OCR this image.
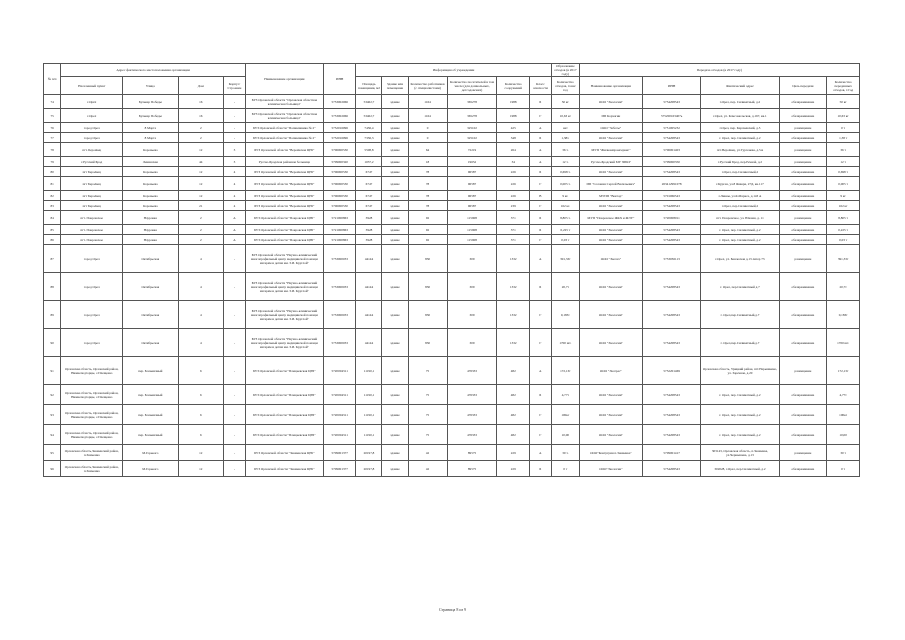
№ п/п	Адрес фактического местоположения организации				Наименование организации	ИНН	Информация об учреждении						Образование отходов (в 2017 году)	Передача отходов (в 2017 году)				
	Населенный пункт	Улица	Дом	Корпус/Строение			Площадь помещения, м2	Здание или помещение	Количество работников (с специалистами)	Количество посетителей в том числе (для дошкольных, детсадовских)	Количество сооружений	Класс опасности	Количество отходов, тонн/год	Наименование организации	ИНН	Фактический адрес	Цель передачи	Количество переданных отходов, т/год
74	г.Орёл	Бульвар Победы	16	-	БУЗ Орловской области "Орловская областная клиническая больница"	5753002066	53462,7	здание	1164	365278	1988	Б	50 кг	ООО "Экологии"	5754208543	г.Орел, пер. Силикатный, д.2	обезвреживание	50 кг
75	г.Орел	Бульвар Победы	16	-	БУЗ Орловской области "Орловская областная клиническая больница"	5753002066	53462,7	здание	1164	365278	1988	Г	10,63 кг	ИП Корчагин	575200163407ь	г.Орел, ул. Комсомольская, д.167, кв.1	обезвреживание	10,63 кг
76	город Орел	8 Марта	2	-	БУЗ Орловской области "Поликлиника № 2"	5752016096	7436,4	здание	0	325102	425	А	нет	ООО "Заботы"	5751005232	г.Орел, пер. Карачевский, д.5	размещение	0 т
77	город Орел	8 Марта	2	-	БУЗ Орловской области "Поликлиника № 2"	5752016096	7336,3	здание	0	325102	348	Б	1,38т.	ООО "Экологии"	5754208543	г. Орел, пер. Силикатный, д.2	обезвреживание	1,38 т
78	пгт. Бероёвец	Коровьева	12	3	БУЗ Орловской области "Вероёвская ЦРБ"	5706000530	5508,8	здание	64	72219	264	А	36 т.	МУП "Жилкомпромсервис"	5706001403	пгт.Вероёвец, ул.Тургенева, д.5А	размещение	36 т
79	г.Русский Брод	Ленинская	44	3	Русско-Бродская районная больница	5709000320	1037,2	здание	18	19652	34	А	12 т.	Русско-Бродский МУ ЧПКУ	5709000350	г.Русский Брод, пер.Речной, д.2	размещение	12 т
80	пгт Бероёвец	Коровьева	12	4	БУЗ Орловской области "Вероёвская ЦРБ"	5706000530	6747	здание	78	96587	226	Б	0,698 т.	ООО "Экологии"	5754208543	г.Орел, пер.Силикатный,2	обезвреживание	0,698 т
81	пгт Бероёвец	Коровьева	12	4	БУЗ Орловской области "Вероёвская ЦРБ"	5706000530	6747	здание	78	96587	226	Г	0,005 т.	ИП "Солонин Сергей Васильевич"	263412991078	г.Курган, ул.8 Января, 27Д, кв.117	обезвреживание	0,005 т
82	пгт Бероёвец	Коровьева	12	4	БУЗ Орловской области "Вероёвская ЦРБ"	5706000530	6747	здание	78	96587	226	В	9 кг.	МУПП "Вектор"	5701066543	г.Ливны, ул.К.Маркса, д.143 А	обезвреживание	9 кг
83	пгт Бероёвец	Коровьева	21	4	БУЗ Орловской области "Вероёвская ЦРБ"	5706000530	6747	здание	78	96587	239	Г	162 кг.	ООО "Экологии"	5754208543	г.Орел, пер.Силикатный,2	обезвреживание	162 кг
84	пгт. Покровское	Науровка	2	А	БУЗ Орловской области "Покровская ЦРБ"	5721000863	3928	здание	92	115908	371	Б	8,805 т.	МУП "Покровское ЖКХ и ЖЭУ"	5720008011	пгт. Покровское, ул. Южная, д. 11	размещение	8,805 т
85	пгт. Покровское	Науровка	2	А	БУЗ Орловской области "Покровская ЦРБ"	5721000863	3928	здание	92	115908	371	Б	0,225 т	ООО "Экологии"	5754208543	г. Орел, пер. Силикатный, д.2	обезвреживание	0,225 т
86	пгт. Покровское	Науровка	2	А	БУЗ Орловской области "Покровская ЦРБ"	5721000863	3928	здание	92	115908	371	Г	0,03 т	ООО "Экологии"	5754208543	г. Орел, пер. Силикатный, д.2	обезвреживание	0,03 т
87	город Орел	Октябрьская	4	-	БУЗ Орловской области "Научно-клинический многопрофильный центр медицинской помощи матерям и детям им. З.И. Круглой"	5753000033	44144	здание	830	309	1332	А	391,33т	ООО "Экотех"	5753036113	г.Орел, ул. Бенческая д.13 литер 73	размещение	391,33т
88	город Орел	Октябрьская	4	-	БУЗ Орловской области "Научно-клинический многопрофильный центр медицинской помощи матерям и детям им. З.И. Круглой"	5753000033	44144	здание	830	309	1332	Б	20,7т	ООО "Экологии"	5754208543	г. Орел, пер.Силикатный д.7	обезвреживание	20,7т
89	город Орел	Октябрьская	4	-	БУЗ Орловской области "Научно-клинический многопрофильный центр медицинской помощи матерям и детям им. З.И. Круглой"	5753000033	44144	здание	830	309	1332	Г	0,183т	ООО "Экологии"	5754208543	г. Орел,пер.Силикатный,д.7	обезвреживание	0,183т
90	город Орел	Октябрьская	4	-	БУЗ Орловской области "Научно-клинический многопрофильный центр медицинской помощи матерям и детям им. З.И. Круглой"	5753000033	44144	здание	830	309	1332	Г	1700 шт.	ООО "Экологии"	5754208543	г. Орел,пер.Силикатный,д.7	обезвреживание	1700 шт.
91	Орловская область, Орловский район, Нижнеподгорцы, с.Плещеево	пер. Больничный	6	-	БУЗ Орловской области "Плещеевская ЦРБ"	5720004311	11190,1	здание	75	476333	482	А	172,13т	ООО "Экотрас"	5752201469	Орловская область, Урицкий район, пгт.Нарышкино, ул. Заречная, д.20	размещение	172,13т
92	Орловская область, Орловский район, Нижнеподгорцы, с.Плещеево	пер. Больничный	6	-	БУЗ Орловской области "Плещеевская ЦРБ"	5720004311	11190,1	здание	75	476333	482	Б	4,77т	ООО "Экологии"	5754208543	г. Орел, пер. Силикатный, д.2	обезвреживание	4,77т
93	Орловская область, Орловский район, Нижнеподгорцы, с.Плещеево	пер. Больничный	6	-	БУЗ Орловской области "Плещеевская ЦРБ"	5720004311	11190,1	здание	75	476333	482	Г	100кг	ООО "Экологии"	5754208543	г. Орел, пер. Силикатный, д.2	обезвреживание	100кг
94	Орловская область, Орловский район, Нижнеподгорцы, с.Плещеево	пер. Больничный	6	-	БУЗ Орловской области "Плещеевская ЦРБ"	5720004311	11190,1	здание	75	476333	482	Г	10,00	ООО "Экологии"	5754208543	г. Орел, пер. Силикатный, д.2	обезвреживание	10,00
95	Орловская область,Знаменский район, п.Знаменка	М.Горького	12	-	БУЗ Орловской области "Знаменская ЦРБ"	5709001377	20197,8	здание	42	89575	229	А	30 т.	ООО"Контргрин п.Знаменка"	5709001417	303143, Орловская область, п.Знаменка, ул.Чернышева, д.13	размещение	30 т
96	Орловская область,Знаменский район, п.Знаменка	М.Горького	12	-	БУЗ Орловской области "Знаменская ЦРБ"	5709001377	20197,8	здание	42	89575	229	Б	0 т	ООО"Экологии"	5754208543	302028, г.Орел, пер.Силикатный, д.2	обезвреживание	0 т
Страница 8 из 9
